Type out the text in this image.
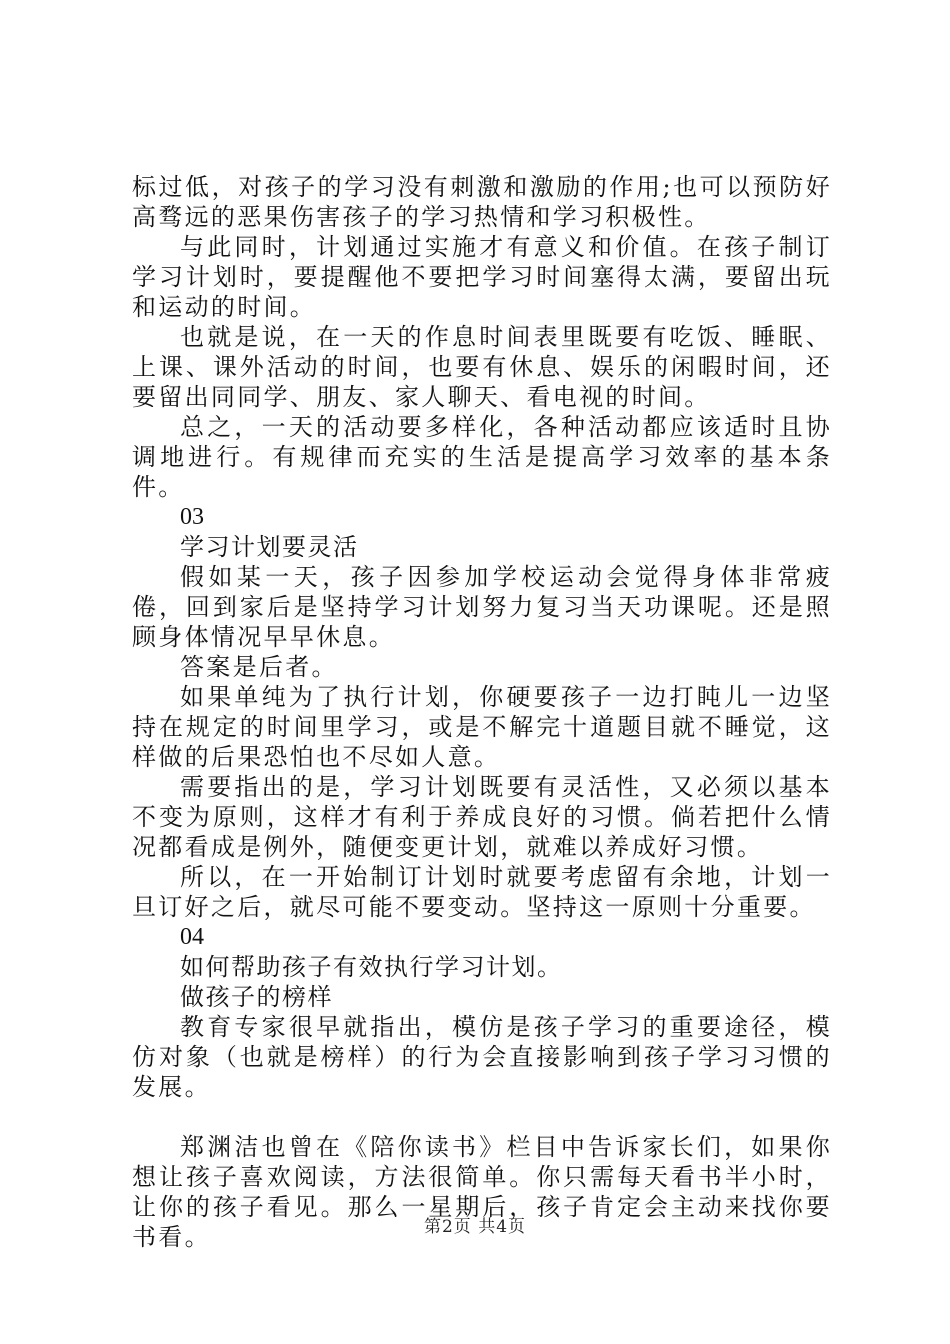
标过低，对孩子的学习没有刺激和激励的作用;也可以预防好高骛远的恶果伤害孩子的学习热情和学习积极性。

与此同时，计划通过实施才有意义和价值。在孩子制订学习计划时，要提醒他不要把学习时间塞得太满，要留出玩和运动的时间。

也就是说，在一天的作息时间表里既要有吃饭、睡眠、上课、课外活动的时间，也要有休息、娱乐的闲暇时间，还要留出同同学、朋友、家人聊天、看电视的时间。

总之，一天的活动要多样化，各种活动都应该适时且协调地进行。有规律而充实的生活是提高学习效率的基本条件。

03

学习计划要灵活

假如某一天，孩子因参加学校运动会觉得身体非常疲倦，回到家后是坚持学习计划努力复习当天功课呢。还是照顾身体情况早早休息。

答案是后者。

如果单纯为了执行计划，你硬要孩子一边打盹儿一边坚持在规定的时间里学习，或是不解完十道题目就不睡觉，这样做的后果恐怕也不尽如人意。

需要指出的是，学习计划既要有灵活性，又必须以基本不变为原则，这样才有利于养成良好的习惯。倘若把什么情况都看成是例外，随便变更计划，就难以养成好习惯。

所以，在一开始制订计划时就要考虑留有余地，计划一旦订好之后，就尽可能不要变动。坚持这一原则十分重要。

04

如何帮助孩子有效执行学习计划。

做孩子的榜样

教育专家很早就指出，模仿是孩子学习的重要途径，模仿对象（也就是榜样）的行为会直接影响到孩子学习习惯的发展。

郑渊洁也曾在《陪你读书》栏目中告诉家长们，如果你想让孩子喜欢阅读，方法很简单。你只需每天看书半小时，让你的孩子看见。那么一星期后，孩子肯定会主动来找你要书看。	第2页 共4页
